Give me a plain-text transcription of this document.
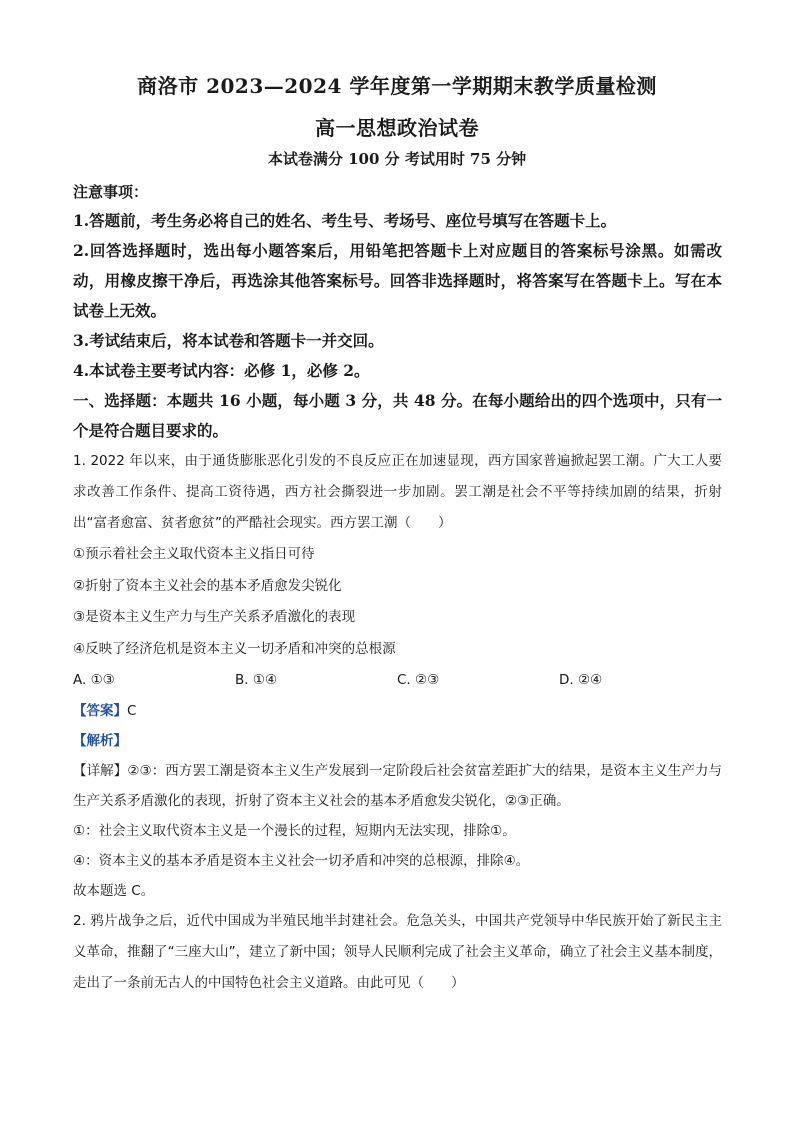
商洛市 2023—2024 学年度第一学期期末教学质量检测
高一思想政治试卷

本试卷满分 100 分 考试用时 75 分钟

注意事项：

1.答题前，考生务必将自己的姓名、考生号、考场号、座位号填写在答题卡上。

2.回答选择题时，选出每小题答案后，用铅笔把答题卡上对应题目的答案标号涂黑。如需改动，用橡皮擦干净后，再选涂其他答案标号。回答非选择题时，将答案写在答题卡上。写在本试卷上无效。

3.考试结束后，将本试卷和答题卡一并交回。

4.本试卷主要考试内容：必修 1，必修 2。

一、选择题：本题共 16 小题，每小题 3 分，共 48 分。在每小题给出的四个选项中，只有一个是符合题目要求的。

1. 2022 年以来，由于通货膨胀恶化引发的不良反应正在加速显现，西方国家普遍掀起罢工潮。广大工人要求改善工作条件、提高工资待遇，西方社会撕裂进一步加剧。罢工潮是社会不平等持续加剧的结果，折射出“富者愈富、贫者愈贫”的严酷社会现实。西方罢工潮（　　）

①预示着社会主义取代资本主义指日可待

②折射了资本主义社会的基本矛盾愈发尖锐化

③是资本主义生产力与生产关系矛盾激化的表现

④反映了经济危机是资本主义一切矛盾和冲突的总根源

A. ①③	B. ①④	C. ②③	D. ②④

【答案】C

【解析】

【详解】②③：西方罢工潮是资本主义生产发展到一定阶段后社会贫富差距扩大的结果，是资本主义生产力与生产关系矛盾激化的表现，折射了资本主义社会的基本矛盾愈发尖锐化，②③正确。

①：社会主义取代资本主义是一个漫长的过程，短期内无法实现，排除①。

④：资本主义的基本矛盾是资本主义社会一切矛盾和冲突的总根源，排除④。

故本题选 C。

2. 鸦片战争之后，近代中国成为半殖民地半封建社会。危急关头，中国共产党领导中华民族开始了新民主主义革命，推翻了“三座大山”，建立了新中国；领导人民顺利完成了社会主义革命，确立了社会主义基本制度，走出了一条前无古人的中国特色社会主义道路。由此可见（　　）
